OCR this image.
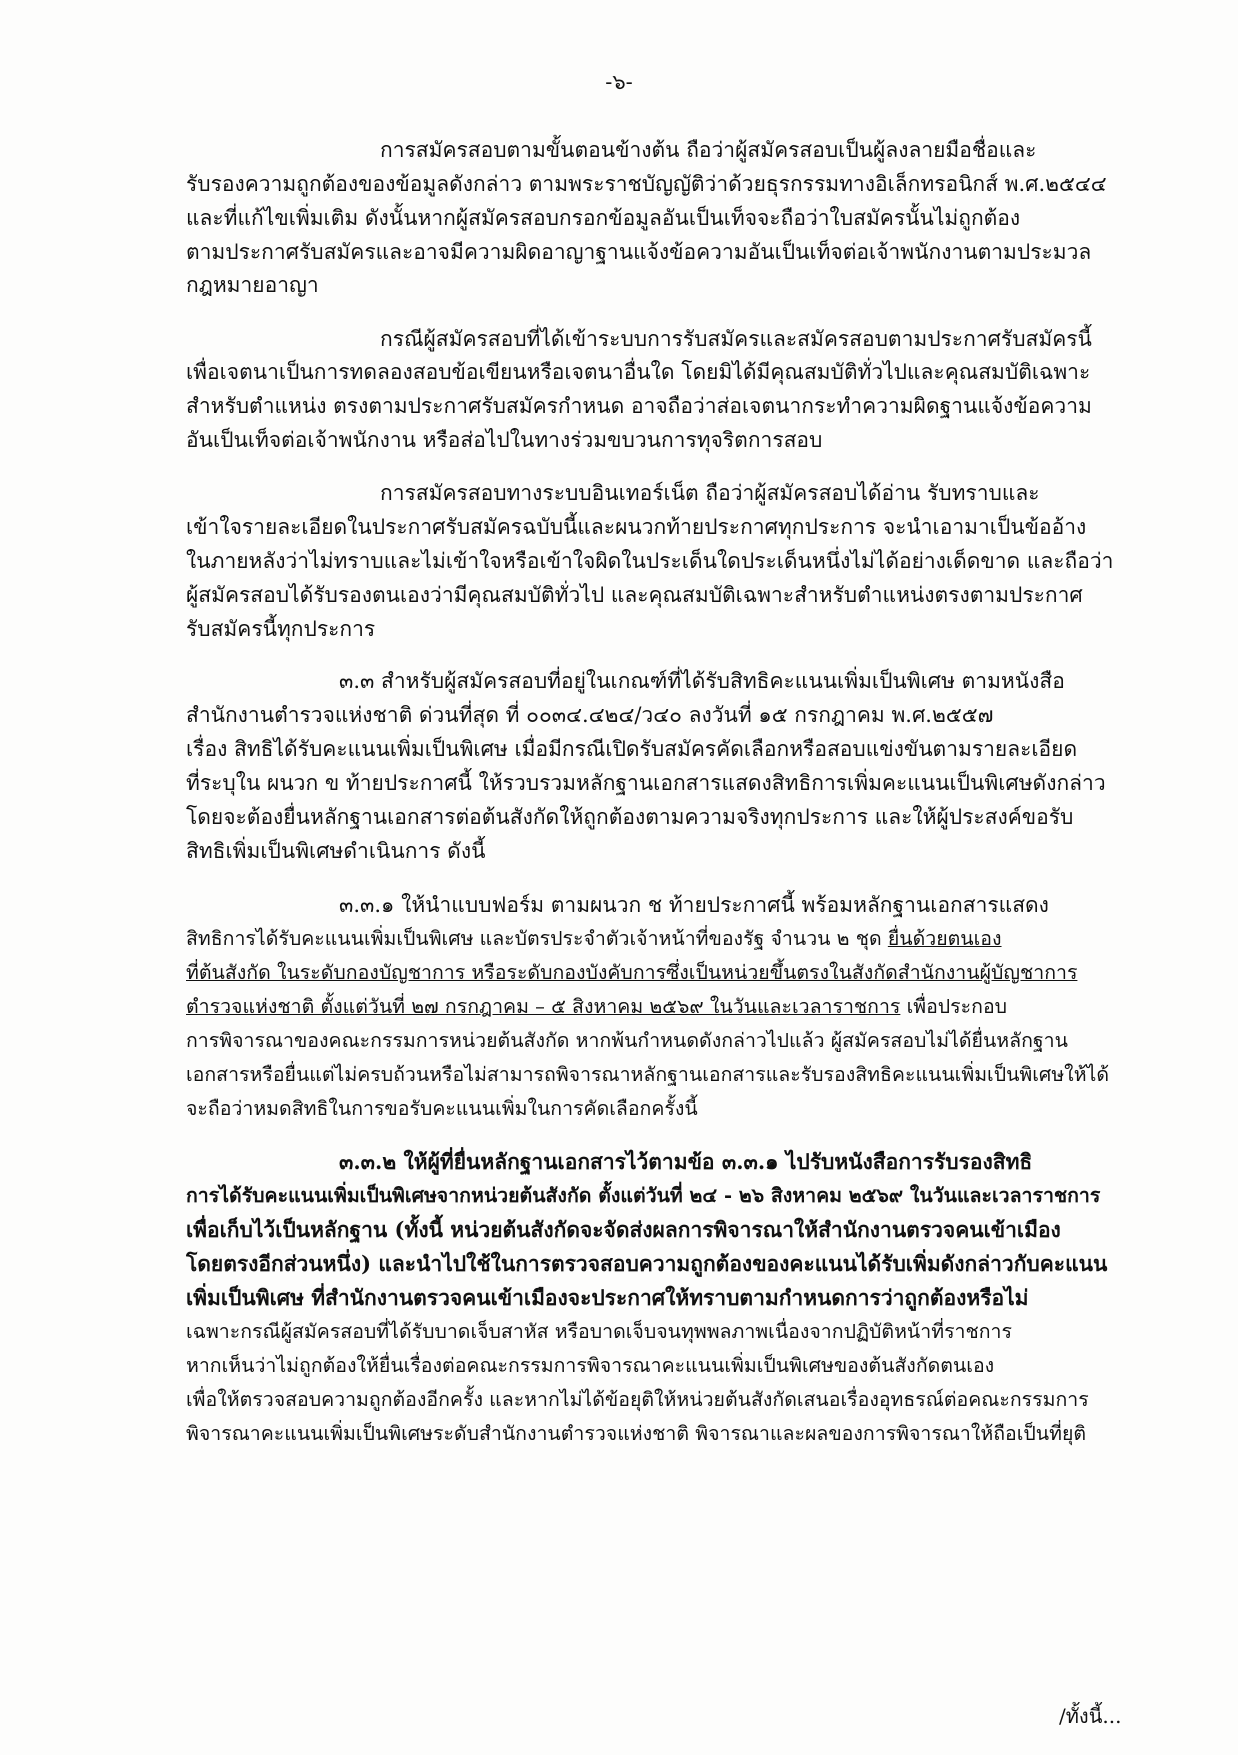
-๖-
การสมัครสอบตามขั้นตอนข้างต้น ถือว่าผู้สมัครสอบเป็นผู้ลงลายมือชื่อและ
รับรองความถูกต้องของข้อมูลดังกล่าว ตามพระราชบัญญัติว่าด้วยธุรกรรมทางอิเล็กทรอนิกส์ พ.ศ.๒๕๔๔
และที่แก้ไขเพิ่มเติม ดังนั้นหากผู้สมัครสอบกรอกข้อมูลอันเป็นเท็จจะถือว่าใบสมัครนั้นไม่ถูกต้อง
ตามประกาศรับสมัครและอาจมีความผิดอาญาฐานแจ้งข้อความอันเป็นเท็จต่อเจ้าพนักงานตามประมวล
กฎหมายอาญา
กรณีผู้สมัครสอบที่ได้เข้าระบบการรับสมัครและสมัครสอบตามประกาศรับสมัครนี้
เพื่อเจตนาเป็นการทดลองสอบข้อเขียนหรือเจตนาอื่นใด โดยมิได้มีคุณสมบัติทั่วไปและคุณสมบัติเฉพาะ
สำหรับตำแหน่ง ตรงตามประกาศรับสมัครกำหนด อาจถือว่าส่อเจตนากระทำความผิดฐานแจ้งข้อความ
อันเป็นเท็จต่อเจ้าพนักงาน หรือส่อไปในทางร่วมขบวนการทุจริตการสอบ
การสมัครสอบทางระบบอินเทอร์เน็ต ถือว่าผู้สมัครสอบได้อ่าน รับทราบและ
เข้าใจรายละเอียดในประกาศรับสมัครฉบับนี้และผนวกท้ายประกาศทุกประการ จะนำเอามาเป็นข้ออ้าง
ในภายหลังว่าไม่ทราบและไม่เข้าใจหรือเข้าใจผิดในประเด็นใดประเด็นหนึ่งไม่ได้อย่างเด็ดขาด และถือว่า
ผู้สมัครสอบได้รับรองตนเองว่ามีคุณสมบัติทั่วไป และคุณสมบัติเฉพาะสำหรับตำแหน่งตรงตามประกาศ
รับสมัครนี้ทุกประการ
๓.๓ สำหรับผู้สมัครสอบที่อยู่ในเกณฑ์ที่ได้รับสิทธิคะแนนเพิ่มเป็นพิเศษ ตามหนังสือ
สำนักงานตำรวจแห่งชาติ ด่วนที่สุด ที่ ๐๐๓๔.๔๒๔/ว๔๐ ลงวันที่ ๑๕ กรกฎาคม พ.ศ.๒๕๕๗
เรื่อง สิทธิได้รับคะแนนเพิ่มเป็นพิเศษ เมื่อมีกรณีเปิดรับสมัครคัดเลือกหรือสอบแข่งขันตามรายละเอียด
ที่ระบุใน ผนวก ข ท้ายประกาศนี้ ให้รวบรวมหลักฐานเอกสารแสดงสิทธิการเพิ่มคะแนนเป็นพิเศษดังกล่าว
โดยจะต้องยื่นหลักฐานเอกสารต่อต้นสังกัดให้ถูกต้องตามความจริงทุกประการ และให้ผู้ประสงค์ขอรับ
สิทธิเพิ่มเป็นพิเศษดำเนินการ ดังนี้
๓.๓.๑ ให้นำแบบฟอร์ม ตามผนวก ช ท้ายประกาศนี้ พร้อมหลักฐานเอกสารแสดง
สิทธิการได้รับคะแนนเพิ่มเป็นพิเศษ และบัตรประจำตัวเจ้าหน้าที่ของรัฐ จำนวน ๒ ชุด ยื่นด้วยตนเอง
ที่ต้นสังกัด ในระดับกองบัญชาการ หรือระดับกองบังคับการซึ่งเป็นหน่วยขึ้นตรงในสังกัดสำนักงานผู้บัญชาการ
ตำรวจแห่งชาติ ตั้งแต่วันที่ ๒๗ กรกฎาคม – ๕ สิงหาคม ๒๕๖๙ ในวันและเวลาราชการ เพื่อประกอบ
การพิจารณาของคณะกรรมการหน่วยต้นสังกัด หากพ้นกำหนดดังกล่าวไปแล้ว ผู้สมัครสอบไม่ได้ยื่นหลักฐาน
เอกสารหรือยื่นแต่ไม่ครบถ้วนหรือไม่สามารถพิจารณาหลักฐานเอกสารและรับรองสิทธิคะแนนเพิ่มเป็นพิเศษให้ได้
จะถือว่าหมดสิทธิในการขอรับคะแนนเพิ่มในการคัดเลือกครั้งนี้
๓.๓.๒ ให้ผู้ที่ยื่นหลักฐานเอกสารไว้ตามข้อ ๓.๓.๑ ไปรับหนังสือการรับรองสิทธิ
การได้รับคะแนนเพิ่มเป็นพิเศษจากหน่วยต้นสังกัด ตั้งแต่วันที่ ๒๔ - ๒๖ สิงหาคม ๒๕๖๙ ในวันและเวลาราชการ
เพื่อเก็บไว้เป็นหลักฐาน (ทั้งนี้ หน่วยต้นสังกัดจะจัดส่งผลการพิจารณาให้สำนักงานตรวจคนเข้าเมือง
โดยตรงอีกส่วนหนึ่ง) และนำไปใช้ในการตรวจสอบความถูกต้องของคะแนนได้รับเพิ่มดังกล่าวกับคะแนน
เพิ่มเป็นพิเศษ ที่สำนักงานตรวจคนเข้าเมืองจะประกาศให้ทราบตามกำหนดการว่าถูกต้องหรือไม่
เฉพาะกรณีผู้สมัครสอบที่ได้รับบาดเจ็บสาหัส หรือบาดเจ็บจนทุพพลภาพเนื่องจากปฏิบัติหน้าที่ราชการ
หากเห็นว่าไม่ถูกต้องให้ยื่นเรื่องต่อคณะกรรมการพิจารณาคะแนนเพิ่มเป็นพิเศษของต้นสังกัดตนเอง
เพื่อให้ตรวจสอบความถูกต้องอีกครั้ง และหากไม่ได้ข้อยุติให้หน่วยต้นสังกัดเสนอเรื่องอุทธรณ์ต่อคณะกรรมการ
พิจารณาคะแนนเพิ่มเป็นพิเศษระดับสำนักงานตำรวจแห่งชาติ พิจารณาและผลของการพิจารณาให้ถือเป็นที่ยุติ
/ทั้งนี้...
